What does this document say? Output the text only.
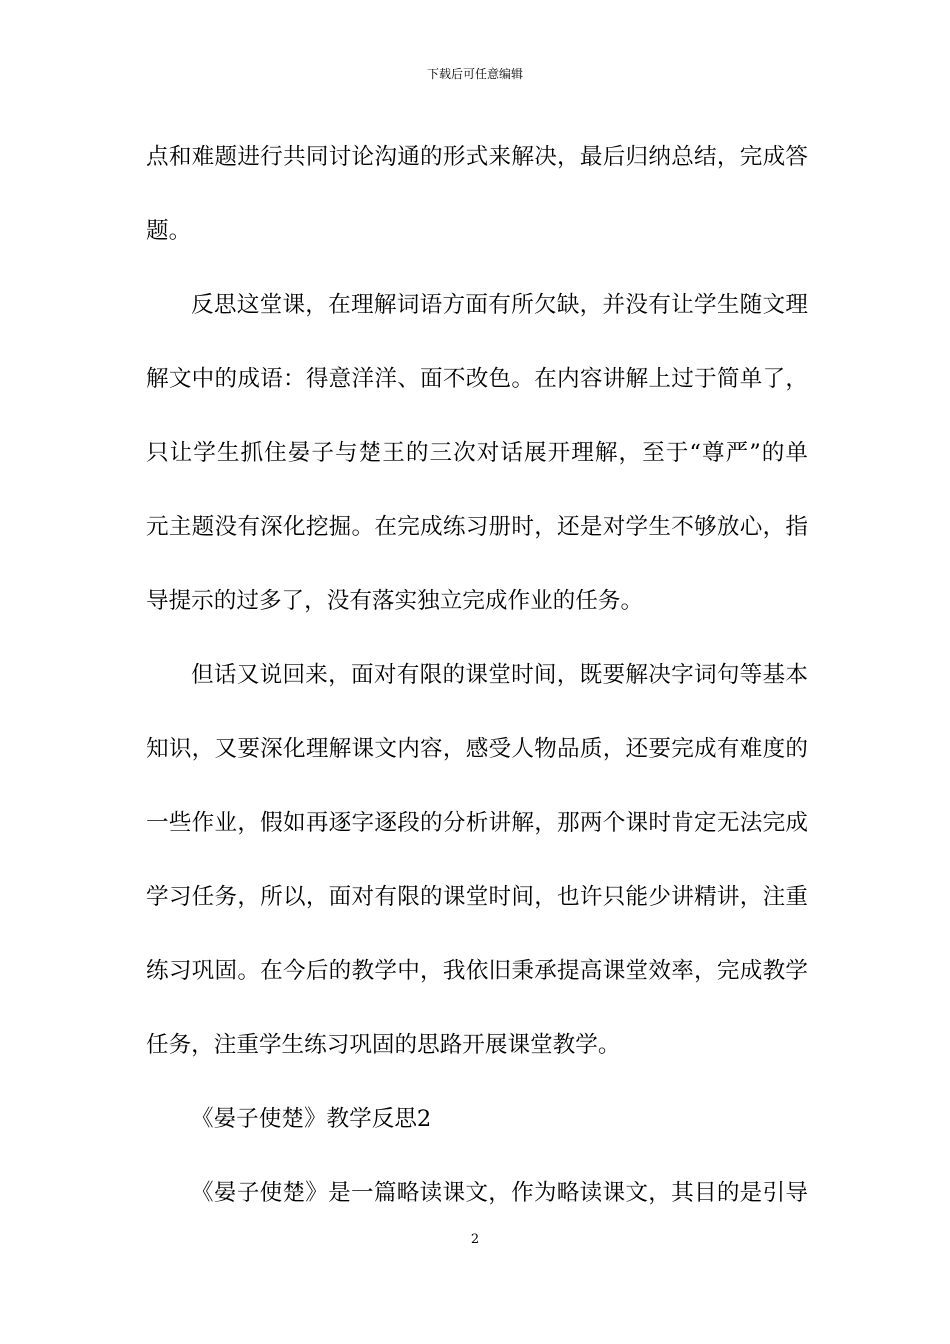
下载后可任意编辑
点和难题进行共同讨论沟通的形式来解决，最后归纳总结，完成答
题。
反思这堂课，在理解词语方面有所欠缺，并没有让学生随文理
解文中的成语：得意洋洋、面不改色。在内容讲解上过于简单了，
只让学生抓住晏子与楚王的三次对话展开理解，至于“尊严”的单
元主题没有深化挖掘。在完成练习册时，还是对学生不够放心，指
导提示的过多了，没有落实独立完成作业的任务。
但话又说回来，面对有限的课堂时间，既要解决字词句等基本
知识，又要深化理解课文内容，感受人物品质，还要完成有难度的
一些作业，假如再逐字逐段的分析讲解，那两个课时肯定无法完成
学习任务，所以，面对有限的课堂时间，也许只能少讲精讲，注重
练习巩固。在今后的教学中，我依旧秉承提高课堂效率，完成教学
任务，注重学生练习巩固的思路开展课堂教学。
《晏子使楚》教学反思2
《晏子使楚》是一篇略读课文，作为略读课文，其目的是引导
2
